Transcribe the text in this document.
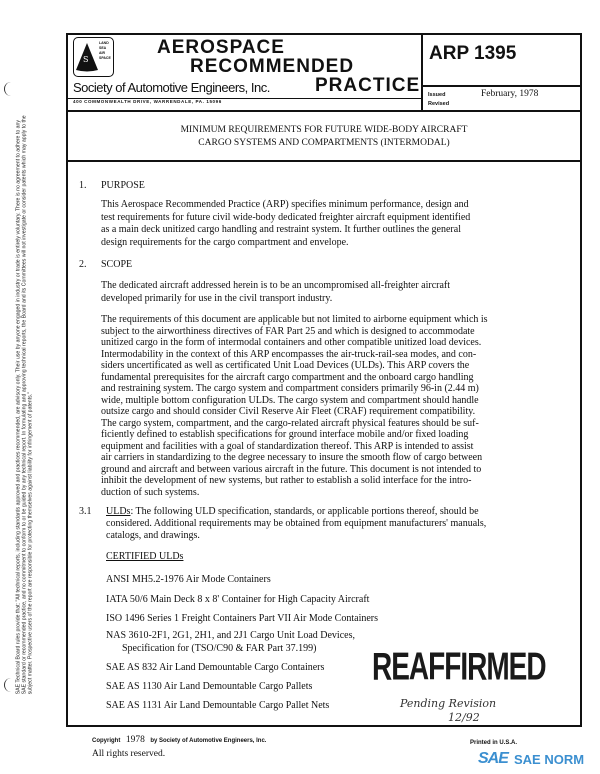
SAE Technical Board rules provide that: "All technical reports, including standards approved and practices recommended, are advisory only. Their use by anyone engaged in industry or trade is entirely voluntary. There is no agreement to adhere to any SAE standard or recommended practice, and no commitment to conform to or be guided by any technical report. In formulating and approving technical reports, the Board and its Committees will not investigate or consider patents which may apply to the subject matter. Prospective users of the report are responsible for protecting themselves against liability for infringement of patents."
S
LAND
SEA
AIR
SPACE AEROSPACE
RECOMMENDED
PRACTICE
Society of Automotive Engineers, Inc.
400 COMMONWEALTH DRIVE, WARRENDALE, PA. 15096
ARP 1395
Issued	February, 1978
Revised
MINIMUM REQUIREMENTS FOR FUTURE WIDE-BODY AIRCRAFT
CARGO SYSTEMS AND COMPARTMENTS (INTERMODAL)
1. PURPOSE
This Aerospace Recommended Practice (ARP) specifies minimum performance, design and
test requirements for future civil wide-body dedicated freighter aircraft equipment identified
as a main deck unitized cargo handling and restraint system. It further outlines the general
design requirements for the cargo compartment and envelope.
2. SCOPE
The dedicated aircraft addressed herein is to be an uncompromised all-freighter aircraft
developed primarily for use in the civil transport industry.
The requirements of this document are applicable but not limited to airborne equipment which is
subject to the airworthiness directives of FAR Part 25 and which is designed to accommodate
unitized cargo in the form of intermodal containers and other compatible unitized load devices.
Intermodability in the context of this ARP encompasses the air-truck-rail-sea modes, and con-
siders uncertificated as well as certificated Unit Load Devices (ULDs). This ARP covers the
fundamental prerequisites for the aircraft cargo compartment and the onboard cargo handling
and restraining system. The cargo system and compartment considers primarily 96-in (2.44 m)
wide, multiple bottom configuration ULDs. The cargo system and compartment should handle
outsize cargo and should consider Civil Reserve Air Fleet (CRAF) requirement compatibility.
The cargo system, compartment, and the cargo-related aircraft physical features should be suf-
ficiently defined to establish specifications for ground interface mobile and/or fixed loading
equipment and facilities with a goal of standardization thereof. This ARP is intended to assist
air carriers in standardizing to the degree necessary to insure the smooth flow of cargo between
ground and aircraft and between various aircraft in the future. This document is not intended to
inhibit the development of new systems, but rather to establish a solid interface for the intro-
duction of such systems.
3.1 ULDs: The following ULD specification, standards, or applicable portions thereof, should be
considered. Additional requirements may be obtained from equipment manufacturers' manuals,
catalogs, and drawings.
CERTIFIED ULDs
ANSI MH5.2-1976 Air Mode Containers
IATA 50/6 Main Deck 8 x 8' Container for High Capacity Aircraft
ISO 1496 Series 1 Freight Containers Part VII Air Mode Containers
NAS 3610-2F1, 2G1, 2H1, and 2J1 Cargo Unit Load Devices,
Specification for (TSO/C90 & FAR Part 37.199)
SAE AS 832 Air Land Demountable Cargo Containers
SAE AS 1130 Air Land Demountable Cargo Pallets
SAE AS 1131 Air Land Demountable Cargo Pallet Nets
REAFFIRMED
Pending Revision
12/92
Copyright 1978 by Society of Automotive Engineers, Inc.
All rights reserved.
Printed in U.S.A.
SAE SAE NORM
